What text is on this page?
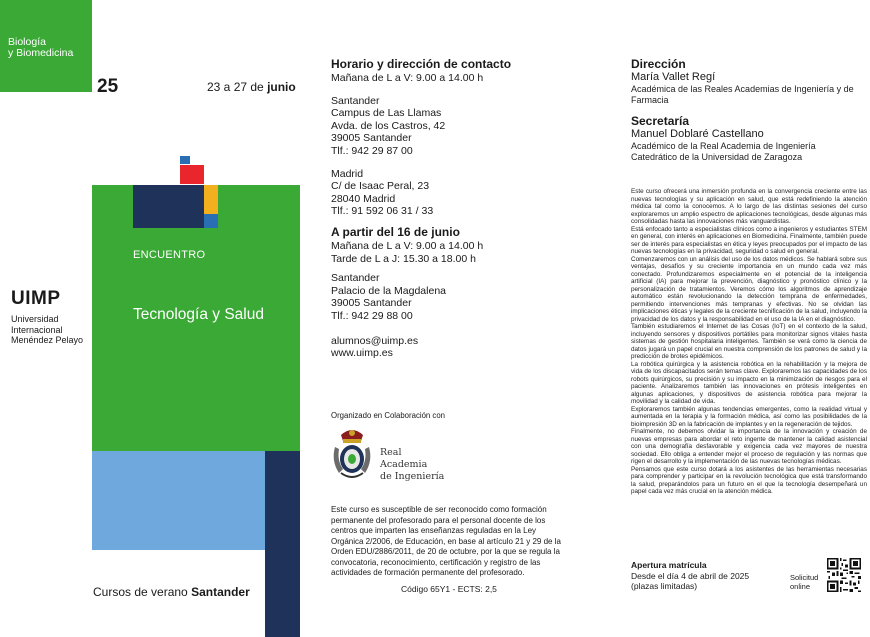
Biología
y Biomedicina
25	23 a 27 de junio
ENCUENTRO
Tecnología y Salud
UIMP
Universidad
Internacional
Menéndez Pelayo
Cursos de verano Santander
Horario y dirección de contacto
Mañana de L a V: 9.00 a 14.00 h
Santander
Campus de Las Llamas
Avda. de los Castros, 42
39005 Santander
Tlf.: 942 29 87 00
Madrid
C/ de Isaac Peral, 23
28040 Madrid
Tlf.: 91 592 06 31 / 33
A partir del 16 de junio
Mañana de L a V: 9.00 a 14.00 h
Tarde de L a J: 15.30 a 18.00 h
Santander
Palacio de la Magdalena
39005 Santander
Tlf.: 942 29 88 00
alumnos@uimp.es
www.uimp.es
Organizado en Colaboración con
Real
Academia
de Ingeniería
Este curso es susceptible de ser reconocido como formación permanente del profesorado para el personal docente de los centros que imparten las enseñanzas reguladas en la Ley Orgánica 2/2006, de Educación, en base al artículo 21 y 29 de la Orden EDU/2886/2011, de 20 de octubre, por la que se regula la convocatoria, reconocimiento, certificación y registro de las actividades de formación permanente del profesorado.
Código 65Y1 - ECTS: 2,5
Dirección
María Vallet Regí
Académica de las Reales Academias de Ingeniería y de Farmacia
Secretaría
Manuel Doblaré Castellano
Académico de la Real Academia de Ingeniería
Catedrático de la Universidad de Zaragoza

Este curso ofrecerá una inmersión profunda en la convergencia creciente entre las nuevas tecnologías y su aplicación en salud, que está redefiniendo la atención médica tal como la conocemos. A lo largo de las distintas sesiones del curso exploraremos un amplio espectro de aplicaciones tecnológicas, desde algunas más consolidadas hasta las innovaciones más vanguardistas.

Está enfocado tanto a especialistas clínicos como a ingenieros y estudiantes STEM en general, con interés en aplicaciones en Biomedicina. Finalmente, también puede ser de interés para especialistas en ética y leyes preocupados por el impacto de las nuevas tecnologías en la privacidad, seguridad o salud en general.

Comenzaremos con un análisis del uso de los datos médicos. Se hablará sobre sus ventajas, desafíos y su creciente importancia en un mundo cada vez más conectado. Profundizaremos especialmente en el potencial de la inteligencia artificial (IA) para mejorar la prevención, diagnóstico y pronóstico clínico y la personalización de tratamientos. Veremos cómo los algoritmos de aprendizaje automático están revolucionando la detección temprana de enfermedades, permitiendo intervenciones más tempranas y efectivas. No se olvidan las implicaciones éticas y legales de la creciente tecnificación de la salud, incluyendo la privacidad de los datos y la responsabilidad en el uso de la IA en el diagnóstico.

También estudiaremos el Internet de las Cosas (IoT) en el contexto de la salud, incluyendo sensores y dispositivos portátiles para monitorizar signos vitales hasta sistemas de gestión hospitalaria inteligentes. También se verá como la ciencia de datos jugará un papel crucial en nuestra comprensión de los patrones de salud y la predicción de brotes epidémicos.

La robótica quirúrgica y la asistencia robótica en la rehabilitación y la mejora de vida de los discapacitados serán temas clave. Exploraremos las capacidades de los robots quirúrgicos, su precisión y su impacto en la minimización de riesgos para el paciente. Analizaremos también las innovaciones en prótesis inteligentes en algunas aplicaciones, y dispositivos de asistencia robótica para mejorar la movilidad y la calidad de vida.

Exploraremos también algunas tendencias emergentes, como la realidad virtual y aumentada en la terapia y la formación médica, así como las posibilidades de la bioimpresión 3D en la fabricación de implantes y en la regeneración de tejidos.

Finalmente, no debemos olvidar la importancia de la innovación y creación de nuevas empresas para abordar el reto ingente de mantener la calidad asistencial con una demografía desfavorable y exigencia cada vez mayores de nuestra sociedad. Ello obliga a entender mejor el proceso de regulación y las normas que rigen el desarrollo y la implementación de las nuevas tecnologías médicas.

Pensamos que este curso dotará a los asistentes de las herramientas necesarias para comprender y participar en la revolución tecnológica que está transformando la salud, preparándolos para un futuro en el que la tecnología desempeñará un papel cada vez más crucial en la atención médica.

Apertura matrícula
Desde el día 4 de abril de 2025
(plazas limitadas)
Solicitud
online
